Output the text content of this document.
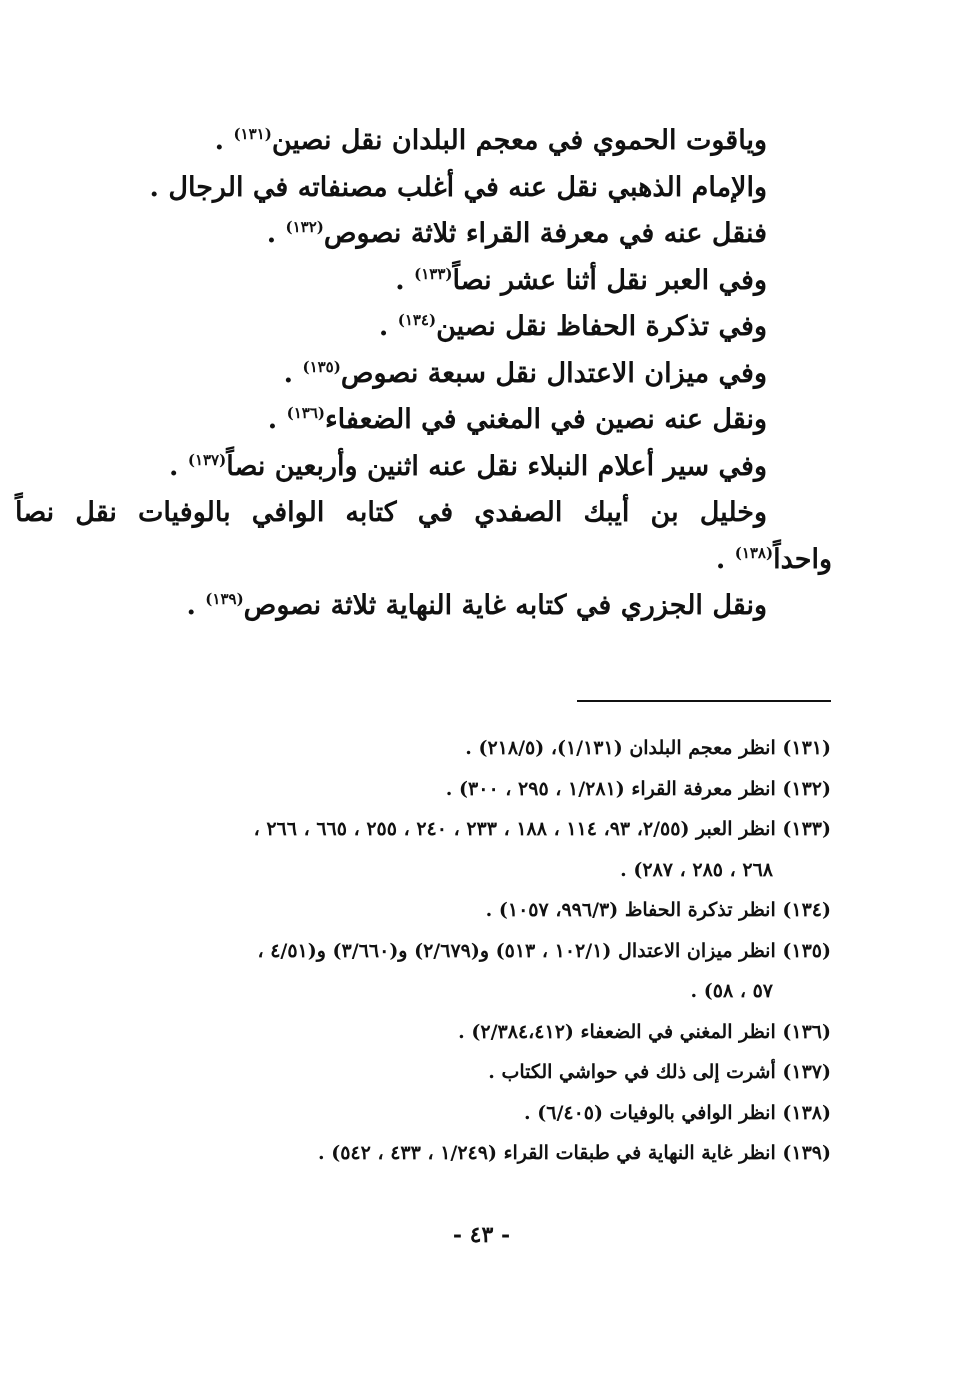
وياقوت الحموي في معجم البلدان نقل نصين$^{(١٣١)}$ .
والإمام الذهبي نقل عنه في أغلب مصنفاته في الرجال .
فنقل عنه في معرفة القراء ثلاثة نصوص$^{(١٣٢)}$ .
وفي العبر نقل أثنا عشر نصاً$^{(١٣٣)}$ .
وفي تذكرة الحفاظ نقل نصين$^{(١٣٤)}$ .
وفي ميزان الاعتدال نقل سبعة نصوص$^{(١٣٥)}$ .
ونقل عنه نصين في المغني في الضعفاء$^{(١٣٦)}$ .
وفي سير أعلام النبلاء نقل عنه اثنين وأربعين نصاً$^{(١٣٧)}$ .
وخليل بن أيبك الصفدي في كتابه الوافي بالوفيات نقل نصاً
واحداً$^{(١٣٨)}$ .
ونقل الجزري في كتابه غاية النهاية ثلاثة نصوص$^{(١٣٩)}$ .
(١٣١) انظر معجم البلدان (١/١٣١)، (٢١٨/٥) .
(١٣٢) انظر معرفة القراء (١/٢٨١ ، ٢٩٥ ، ٣٠٠) .
(١٣٣) انظر العبر (٢/٥٥، ٩٣، ١١٤ ، ١٨٨ ، ٢٣٣ ، ٢٤٠ ، ٢٥٥ ، ٦٦٥ ، ٢٦٦ ،
٢٦٨ ، ٢٨٥ ، ٢٨٧) .
(١٣٤) انظر تذكرة الحفاظ (٩٩٦/٣، ١٠٥٧) .
(١٣٥) انظر ميزان الاعتدال (١٠٢/١ ، ٥١٣) و(٢/٦٧٩) و(٣/٦٦٠) و(٤/٥١ ،
٥٧ ، ٥٨) .
(١٣٦) انظر المغني في الضعفاء (٢/٣٨٤،٤١٢) .
(١٣٧) أشرت إلى ذلك في حواشي الكتاب .
(١٣٨) انظر الوافي بالوفيات (٦/٤٠٥) .
(١٣٩) انظر غاية النهاية في طبقات القراء (١/٢٤٩ ، ٤٣٣ ، ٥٤٢) .
- ٤٣ -
